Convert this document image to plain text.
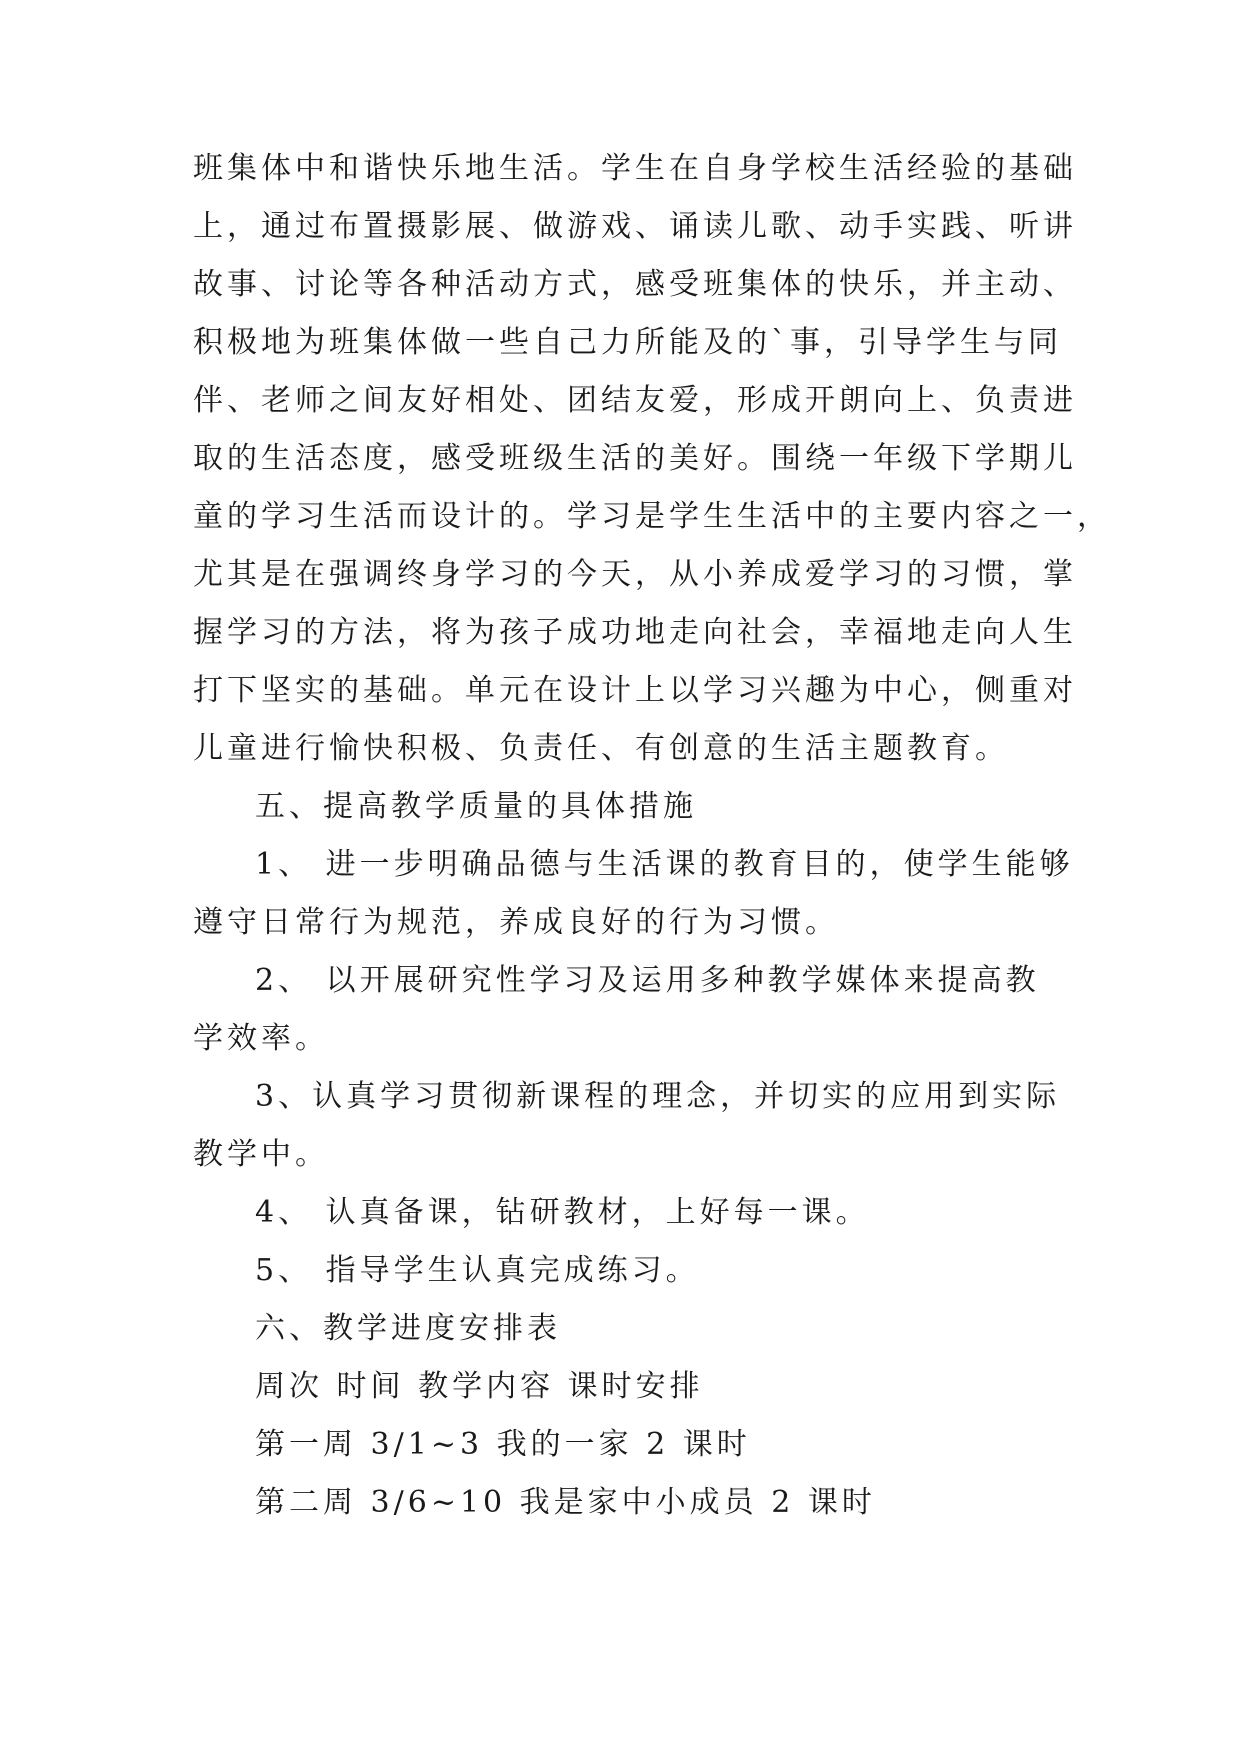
班集体中和谐快乐地生活。学生在自身学校生活经验的基础
上，通过布置摄影展、做游戏、诵读儿歌、动手实践、听讲
故事、讨论等各种活动方式，感受班集体的快乐，并主动、
积极地为班集体做一些自己力所能及的`事，引导学生与同
伴、老师之间友好相处、团结友爱，形成开朗向上、负责进
取的生活态度，感受班级生活的美好。围绕一年级下学期儿
童的学习生活而设计的。学习是学生生活中的主要内容之一，
尤其是在强调终身学习的今天，从小养成爱学习的习惯，掌
握学习的方法，将为孩子成功地走向社会，幸福地走向人生
打下坚实的基础。单元在设计上以学习兴趣为中心，侧重对
儿童进行愉快积极、负责任、有创意的生活主题教育。
五、提高教学质量的具体措施
1、 进一步明确品德与生活课的教育目的，使学生能够
遵守日常行为规范，养成良好的行为习惯。
2、 以开展研究性学习及运用多种教学媒体来提高教
学效率。
3、认真学习贯彻新课程的理念，并切实的应用到实际
教学中。
4、 认真备课，钻研教材，上好每一课。
5、 指导学生认真完成练习。
六、教学进度安排表
周次 时间 教学内容 课时安排
第一周 3/1~3 我的一家 2 课时
第二周 3/6~10 我是家中小成员 2 课时
